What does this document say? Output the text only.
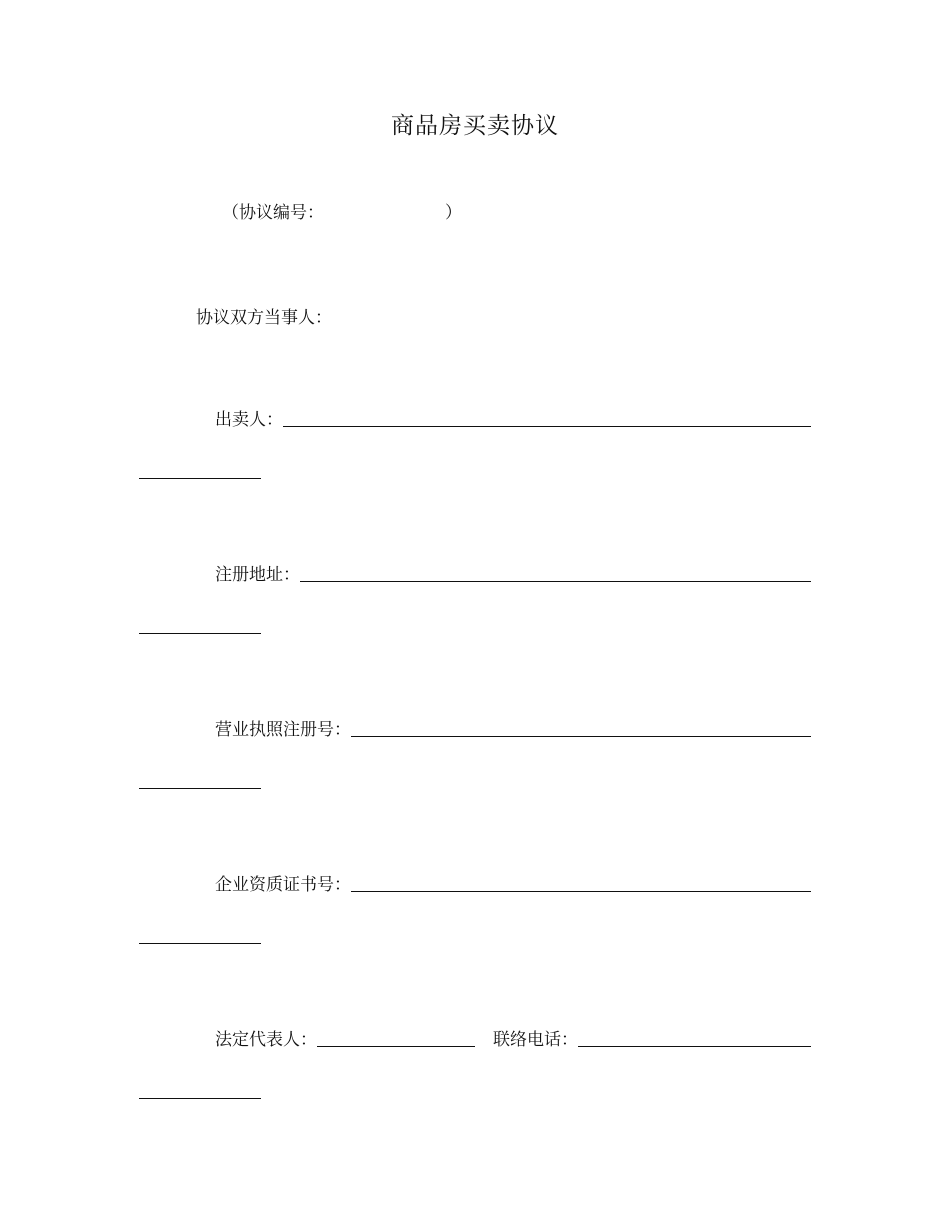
商品房买卖协议
（协议编号：	）
协议双方当事人：
出卖人：
注册地址：
营业执照注册号：
企业资质证书号：
法定代表人：	联络电话：
